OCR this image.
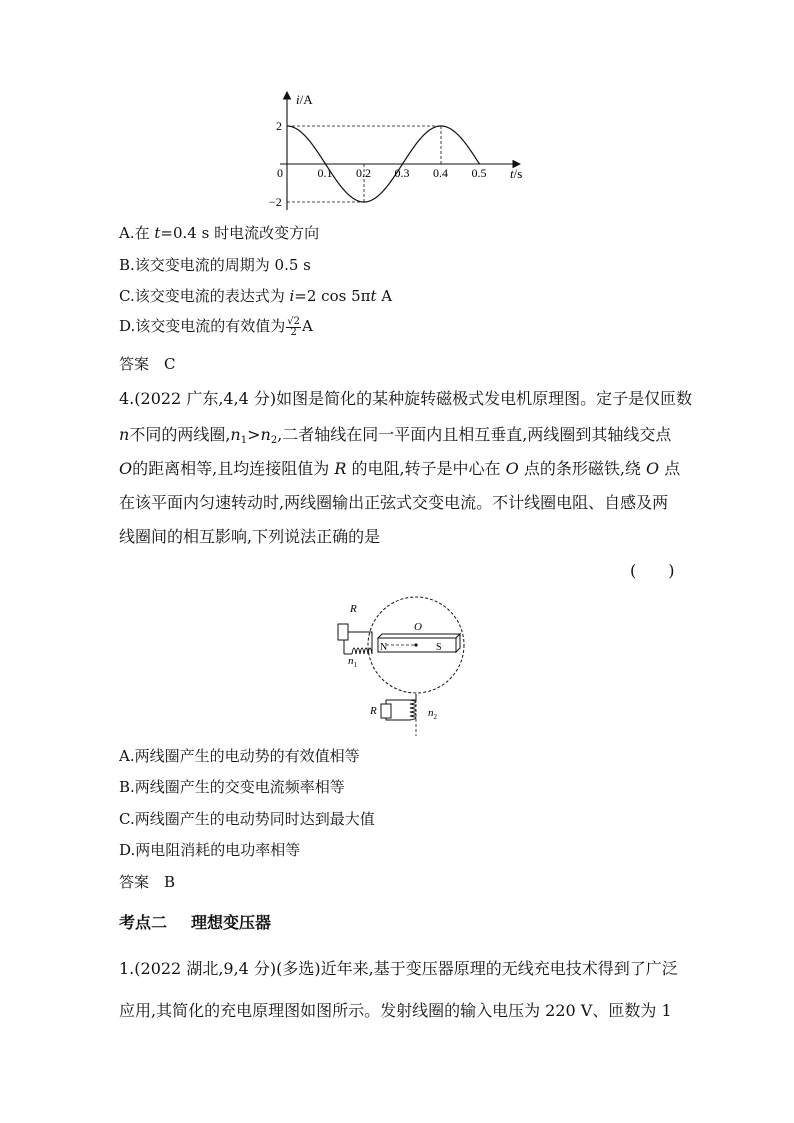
0.1 0.2 0.3 0.4 0.5
2
−2
i/A
t/s
0
A.在 t=0.4 s 时电流改变方向
B.该交变电流的周期为 0.5 s
C.该交变电流的表达式为 i=2 cos 5πt A
D.该交变电流的有效值为 $\frac{√2}{2}$ A
答案　C
4.(2022 广东,4,4 分)如图是简化的某种旋转磁极式发电机原理图。定子是仅匝数
n不同的两线圈$,n_1>n_2$,二者轴线在同一平面内且相互垂直,两线圈到其轴线交点
O的距离相等,且均连接阻值为 R 的电阻,转子是中心在 O 点的条形磁铁,绕 O 点
在该平面内匀速转动时,两线圈输出正弦式交变电流。不计线圈电阻、自感及两
线圈间的相互影响,下列说法正确的是
(　　)
N	S
O
R
$n_1$
R	$n_2$
A.两线圈产生的电动势的有效值相等
B.两线圈产生的交变电流频率相等
C.两线圈产生的电动势同时达到最大值
D.两电阻消耗的电功率相等
答案　B
考点二 理想变压器
1.(2022 湖北,9,4 分)(多选)近年来,基于变压器原理的无线充电技术得到了广泛
应用,其简化的充电原理图如图所示。发射线圈的输入电压为 220 V、匝数为 1
